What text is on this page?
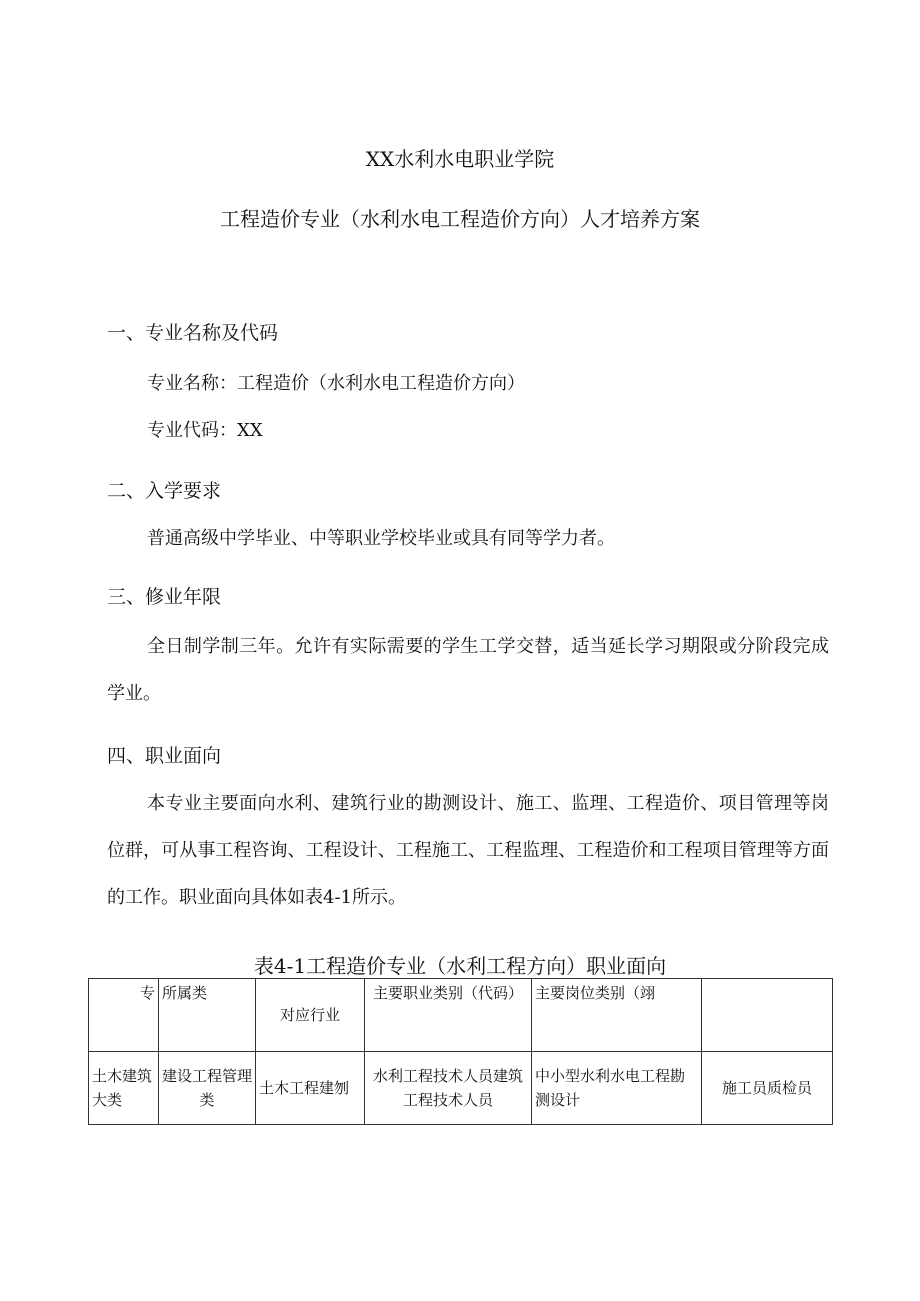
XX水利水电职业学院
工程造价专业（水利水电工程造价方向）人才培养方案
一、专业名称及代码
专业名称：工程造价（水利水电工程造价方向）
专业代码：XX
二、入学要求
普通高级中学毕业、中等职业学校毕业或具有同等学力者。
三、修业年限
全日制学制三年。允许有实际需要的学生工学交替，适当延长学习期限或分阶段完成学业。
四、职业面向
本专业主要面向水利、建筑行业的勘测设计、施工、监理、工程造价、项目管理等岗位群，可从事工程咨询、工程设计、工程施工、工程监理、工程造价和工程项目管理等方面的工作。职业面向具体如表4-1所示。
表4-1工程造价专业（水利工程方向）职业面向
专	所属类	对应行业	主要职业类别（代码）	主要岗位类别（翊	
土木建筑大类	建设工程管理类	土木工程建刎	水利工程技术人员建筑工程技术人员	中小型水利水电工程勘测设计	施工员质检员
